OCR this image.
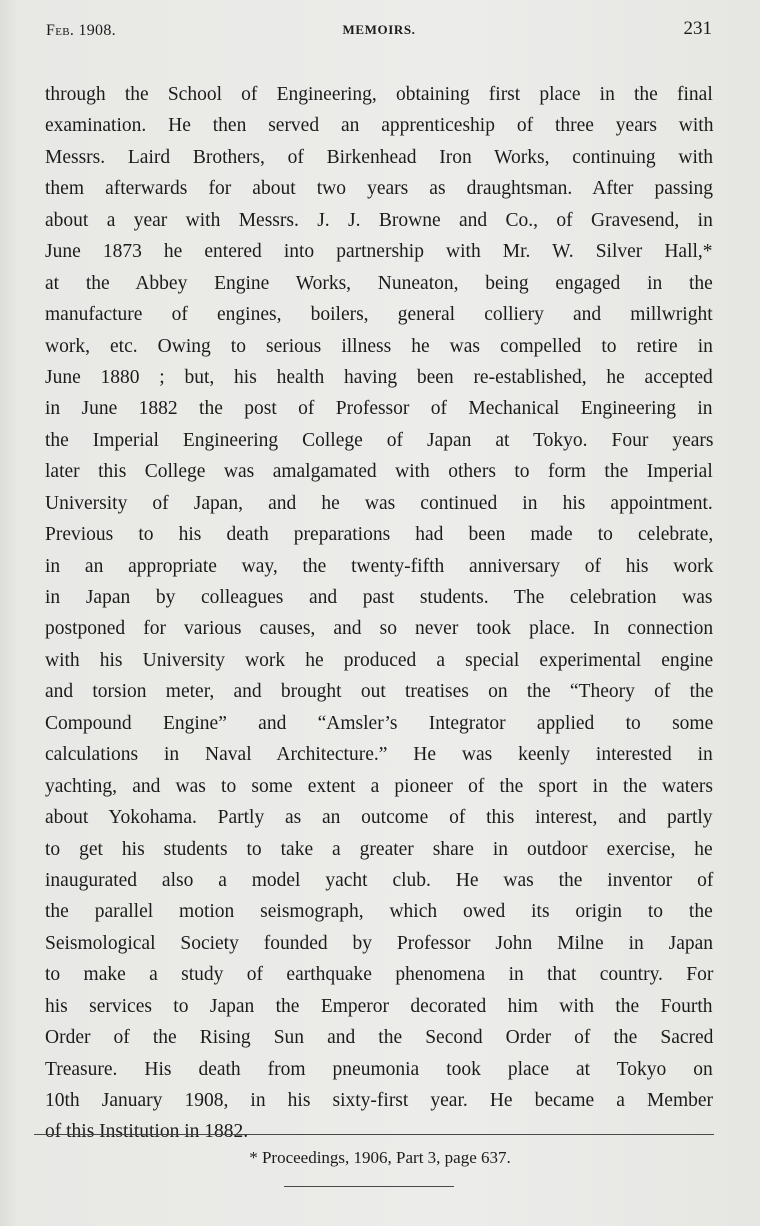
Feb. 1908.	MEMOIRS.	231
through the School of Engineering, obtaining first place in the final
examination. He then served an apprenticeship of three years with
Messrs. Laird Brothers, of Birkenhead Iron Works, continuing with
them afterwards for about two years as draughtsman. After passing
about a year with Messrs. J. J. Browne and Co., of Gravesend, in
June 1873 he entered into partnership with Mr. W. Silver Hall,*
at the Abbey Engine Works, Nuneaton, being engaged in the
manufacture of engines, boilers, general colliery and millwright
work, etc. Owing to serious illness he was compelled to retire in
June 1880 ; but, his health having been re-established, he accepted
in June 1882 the post of Professor of Mechanical Engineering in
the Imperial Engineering College of Japan at Tokyo. Four years
later this College was amalgamated with others to form the Imperial
University of Japan, and he was continued in his appointment.
Previous to his death preparations had been made to celebrate,
in an appropriate way, the twenty-fifth anniversary of his work
in Japan by colleagues and past students. The celebration was
postponed for various causes, and so never took place. In connection
with his University work he produced a special experimental engine
and torsion meter, and brought out treatises on the “Theory of the
Compound Engine” and “Amsler’s Integrator applied to some
calculations in Naval Architecture.” He was keenly interested in
yachting, and was to some extent a pioneer of the sport in the waters
about Yokohama. Partly as an outcome of this interest, and partly
to get his students to take a greater share in outdoor exercise, he
inaugurated also a model yacht club. He was the inventor of
the parallel motion seismograph, which owed its origin to the
Seismological Society founded by Professor John Milne in Japan
to make a study of earthquake phenomena in that country. For
his services to Japan the Emperor decorated him with the Fourth
Order of the Rising Sun and the Second Order of the Sacred
Treasure. His death from pneumonia took place at Tokyo on
10th January 1908, in his sixty-first year. He became a Member
of this Institution in 1882.
* Proceedings, 1906, Part 3, page 637.
